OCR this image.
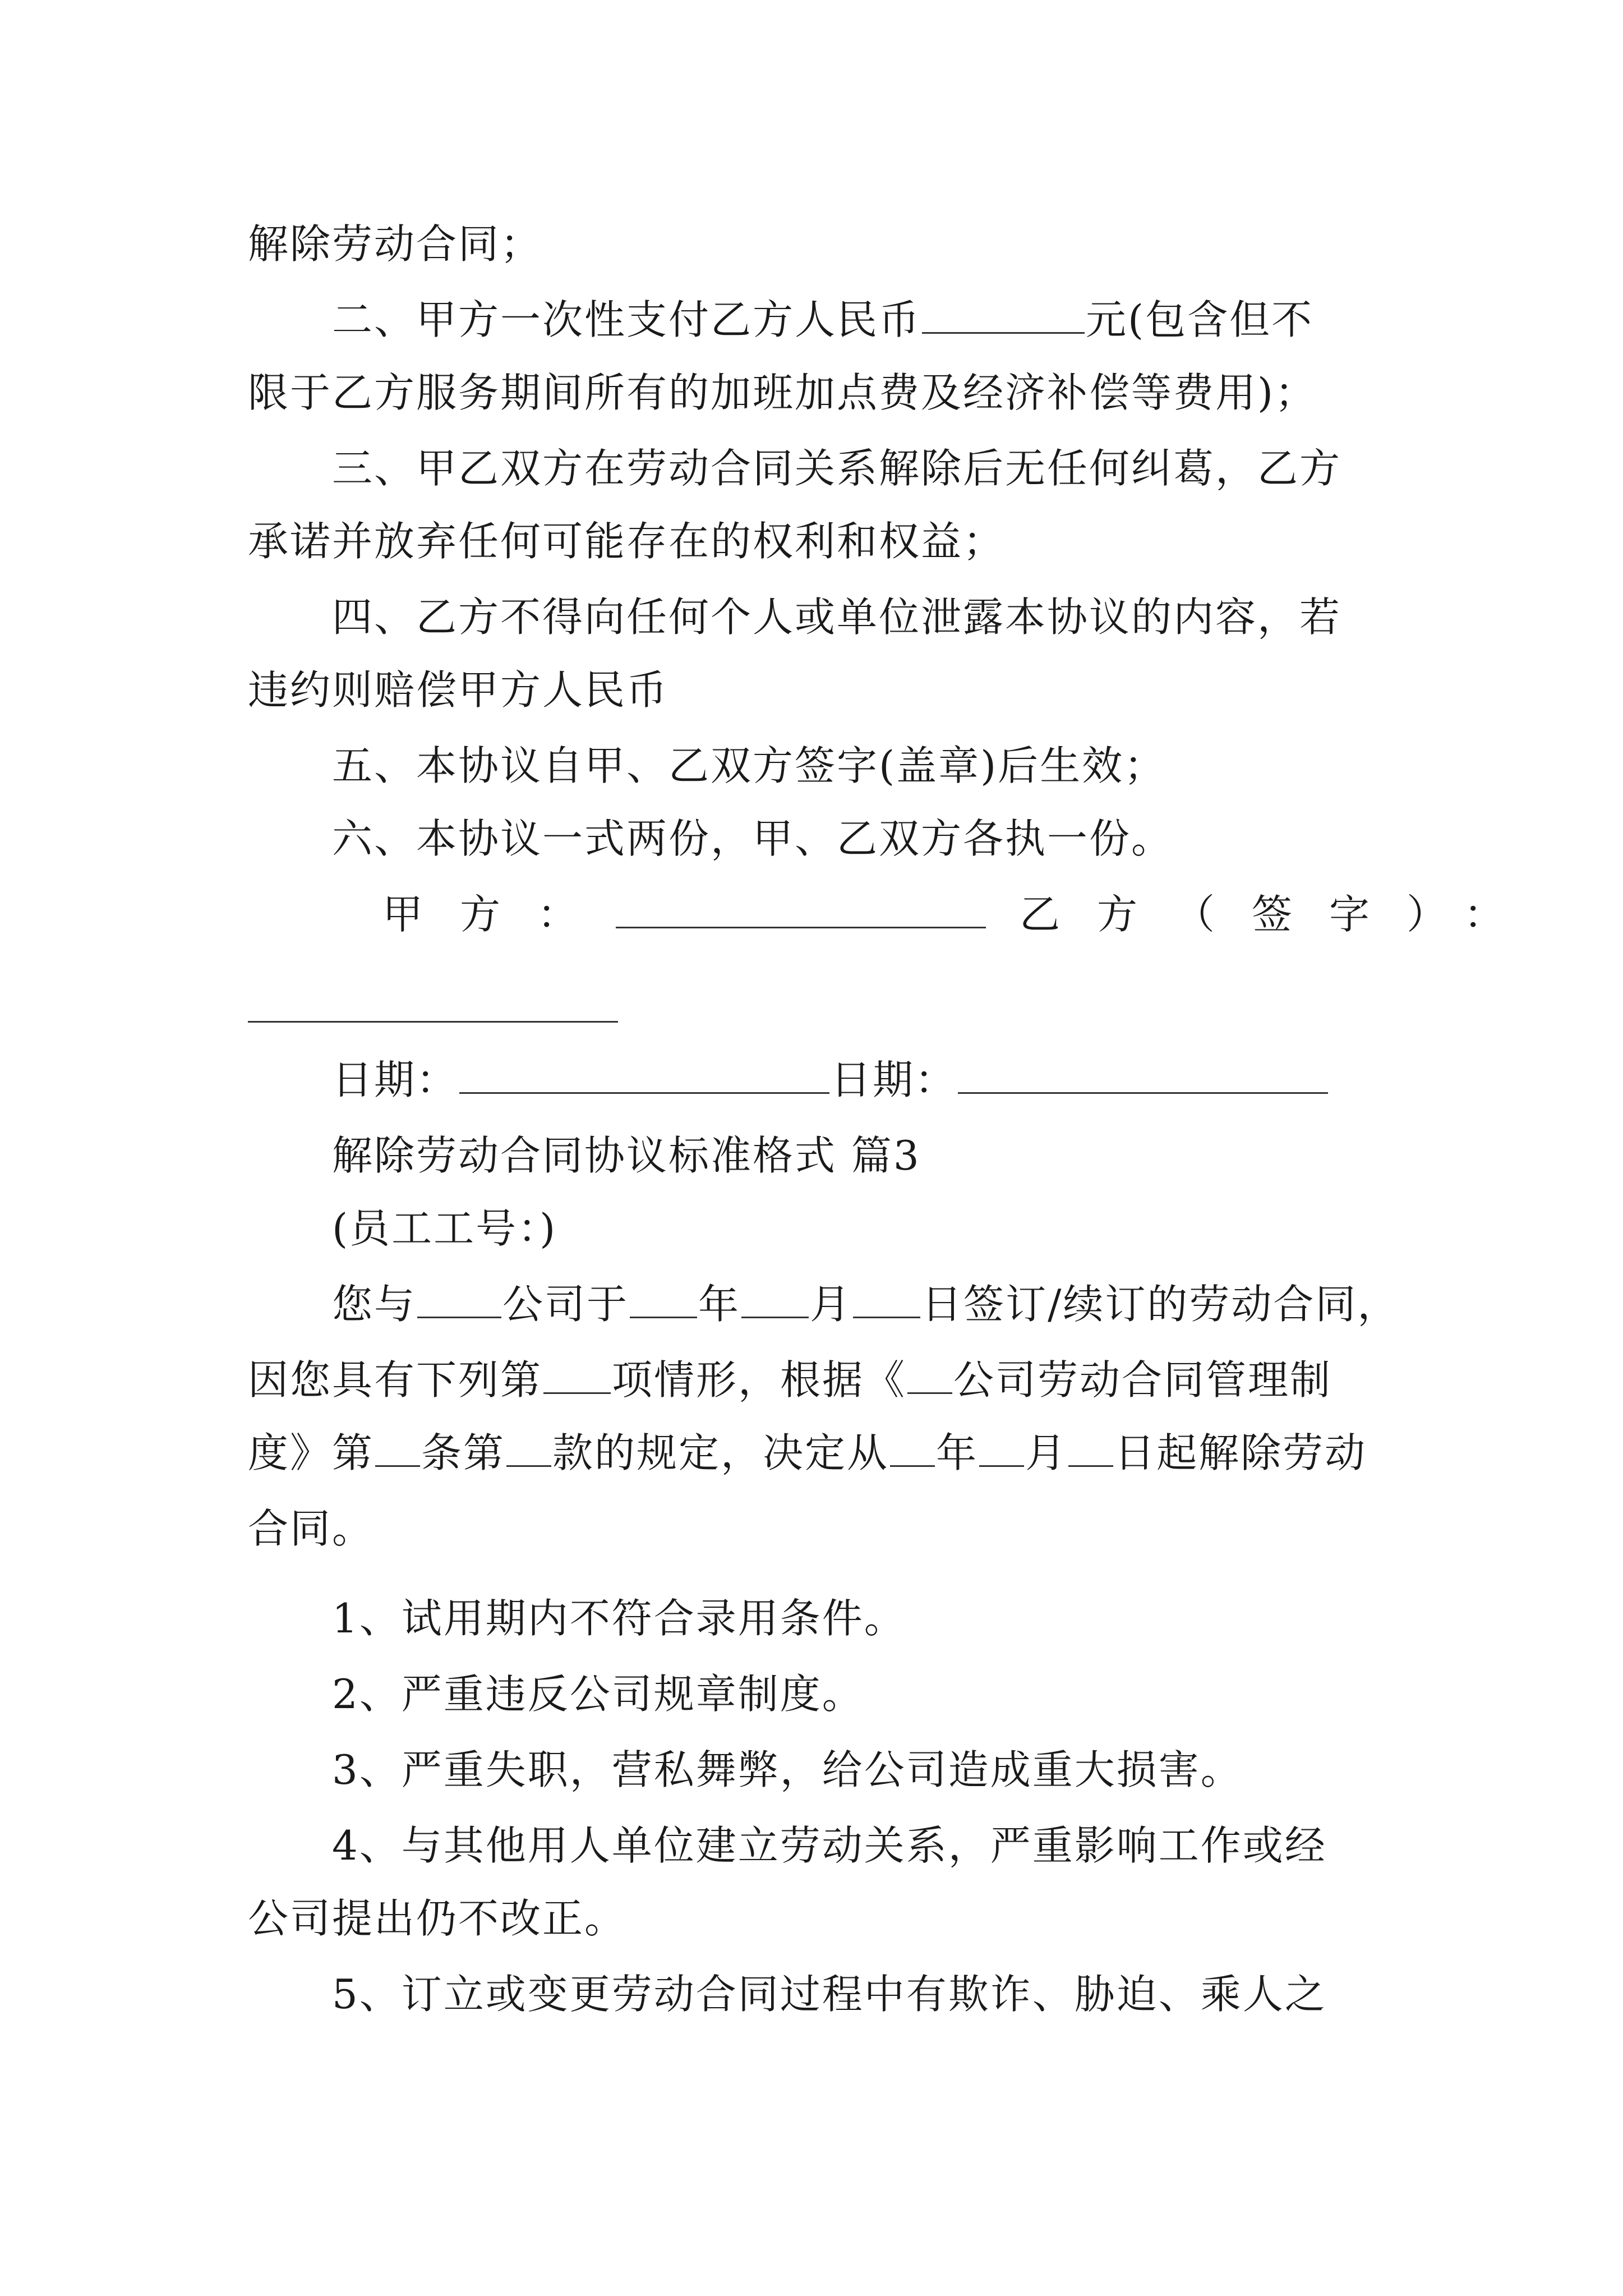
解除劳动合同；
二、甲方一次性支付乙方人民币	元(包含但不
限于乙方服务期间所有的加班加点费及经济补偿等费用)；
三、甲乙双方在劳动合同关系解除后无任何纠葛，乙方
承诺并放弃任何可能存在的权利和权益；
四、乙方不得向任何个人或单位泄露本协议的内容，若
违约则赔偿甲方人民币
五、本协议自甲、乙双方签字(盖章)后生效；
六、本协议一式两份，甲、乙双方各执一份。
甲方：	乙方（签字）：
日期：	日期：
解除劳动合同协议标准格式 篇3
(员工工号：)
您与 公司于 年 月 日签订/续订的劳动合同，
因您具有下列第 项情形，根据《 公司劳动合同管理制
度》第 条第 款的规定，决定从 年 月 日起解除劳动
合同。
1、试用期内不符合录用条件。
2、严重违反公司规章制度。
3、严重失职，营私舞弊，给公司造成重大损害。
4、与其他用人单位建立劳动关系，严重影响工作或经
公司提出仍不改正。
5、订立或变更劳动合同过程中有欺诈、胁迫、乘人之
